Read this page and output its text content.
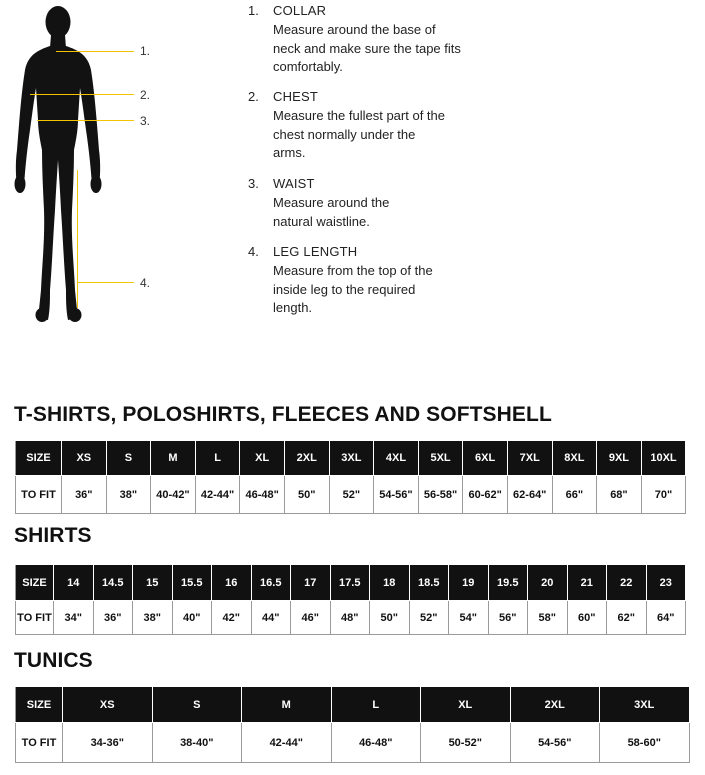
1.
2.
3.
4.
1.	COLLAR
Measure around the base of neck and make sure the tape fits comfortably.
2.	CHEST
Measure the fullest part of the chest normally under the arms.
3.	WAIST
Measure around the natural waistline.
4.	LEG LENGTH
Measure from the top of the inside leg to the required length.
T-SHIRTS, POLOSHIRTS, FLEECES AND SOFTSHELL
SIZE	XS	S	M	L	XL	2XL	3XL	4XL	5XL	6XL	7XL	8XL	9XL	10XL
TO FIT	36"	38"	40-42"	42-44"	46-48"	50"	52"	54-56"	56-58"	60-62"	62-64"	66"	68"	70"
SHIRTS
SIZE	14	14.5	15	15.5	16	16.5	17	17.5	18	18.5	19	19.5	20	21	22	23
TO FIT	34"	36"	38"	40"	42"	44"	46"	48"	50"	52"	54"	56"	58"	60"	62"	64"
TUNICS
SIZE	XS	S	M	L	XL	2XL	3XL
TO FIT	34-36"	38-40"	42-44"	46-48"	50-52"	54-56"	58-60"
